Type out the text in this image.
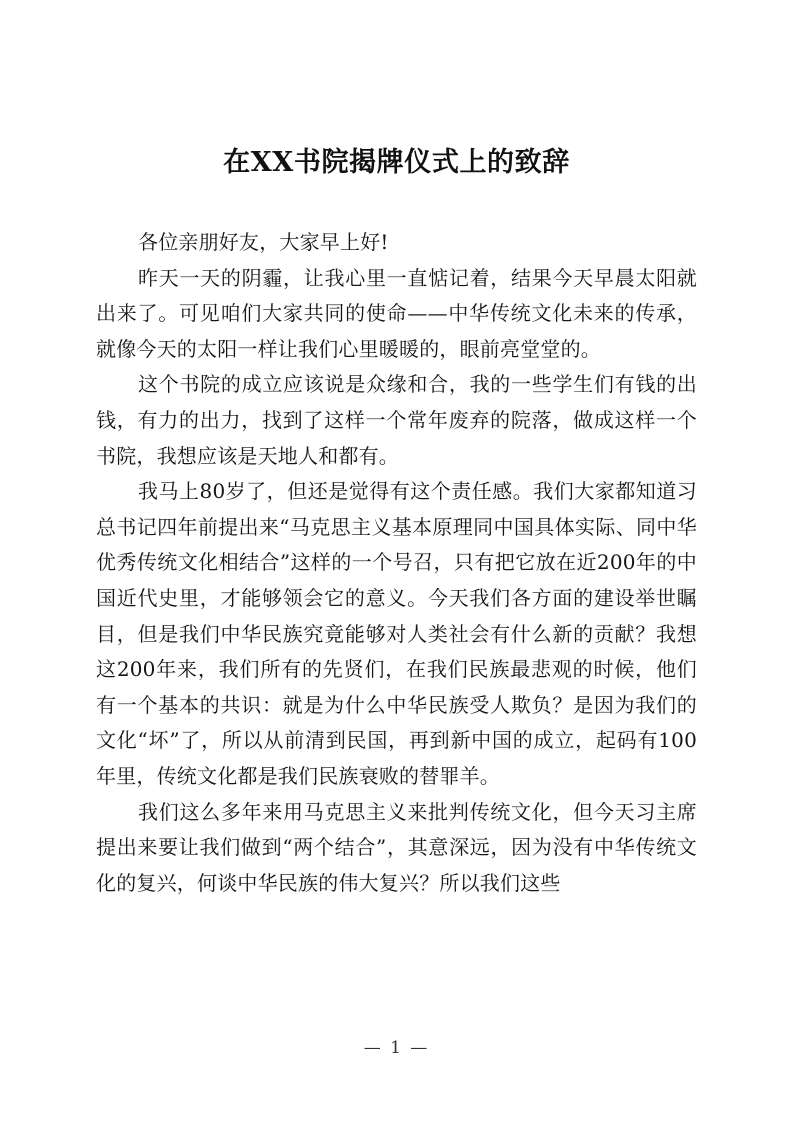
在XX书院揭牌仪式上的致辞

各位亲朋好友，大家早上好!

昨天一天的阴霾，让我心里一直惦记着，结果今天早晨太阳就出来了。可见咱们大家共同的使命——中华传统文化未来的传承，就像今天的太阳一样让我们心里暖暖的，眼前亮堂堂的。

这个书院的成立应该说是众缘和合，我的一些学生们有钱的出钱，有力的出力，找到了这样一个常年废弃的院落，做成这样一个书院，我想应该是天地人和都有。

我马上80岁了，但还是觉得有这个责任感。我们大家都知道习总书记四年前提出来“马克思主义基本原理同中国具体实际、同中华优秀传统文化相结合”这样的一个号召，只有把它放在近200年的中国近代史里，才能够领会它的意义。今天我们各方面的建设举世瞩目，但是我们中华民族究竟能够对人类社会有什么新的贡献？我想这200年来，我们所有的先贤们，在我们民族最悲观的时候，他们有一个基本的共识：就是为什么中华民族受人欺负？是因为我们的文化“坏”了，所以从前清到民国，再到新中国的成立，起码有100年里，传统文化都是我们民族衰败的替罪羊。

我们这么多年来用马克思主义来批判传统文化，但今天习主席提出来要让我们做到“两个结合”，其意深远，因为没有中华传统文化的复兴，何谈中华民族的伟大复兴？所以我们这些

— 1 —
